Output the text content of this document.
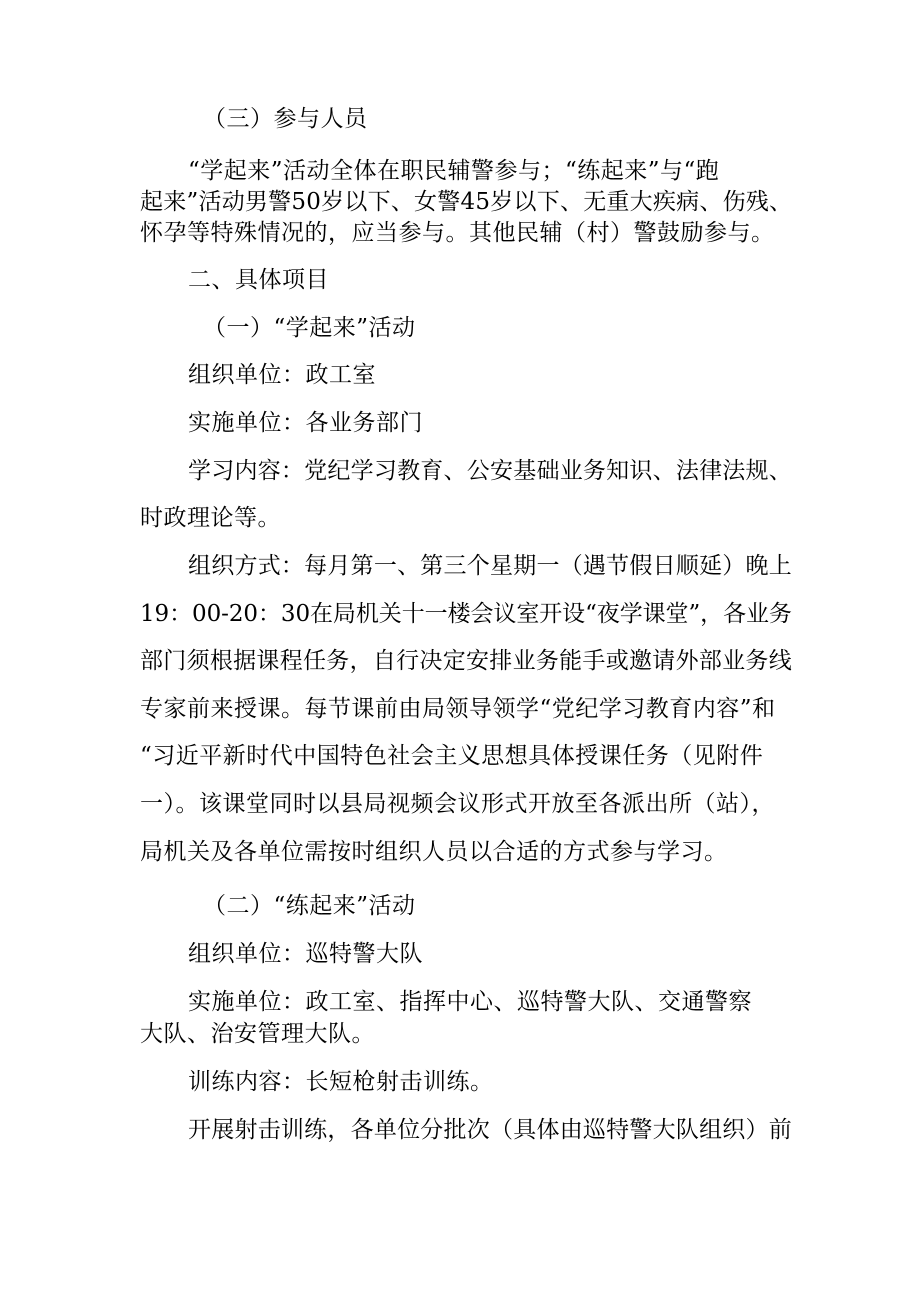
（三）参与人员
“学起来”活动全体在职民辅警参与；“练起来”与“跑
起来”活动男警50岁以下、女警45岁以下、无重大疾病、伤残、
怀孕等特殊情况的，应当参与。其他民辅（村）警鼓励参与。
二、具体项目
（一）“学起来”活动
组织单位：政工室
实施单位：各业务部门
学习内容：党纪学习教育、公安基础业务知识、法律法规、
时政理论等。
组织方式：每月第一、第三个星期一（遇节假日顺延）晚上
19：00-20：30在局机关十一楼会议室开设“夜学课堂”，各业务
部门须根据课程任务，自行决定安排业务能手或邀请外部业务线
专家前来授课。每节课前由局领导领学“党纪学习教育内容”和
“习近平新时代中国特色社会主义思想具体授课任务（见附件
一）。该课堂同时以县局视频会议形式开放至各派出所（站），
局机关及各单位需按时组织人员以合适的方式参与学习。
（二）“练起来”活动
组织单位：巡特警大队
实施单位：政工室、指挥中心、巡特警大队、交通警察
大队、治安管理大队。
训练内容：长短枪射击训练。
开展射击训练，各单位分批次（具体由巡特警大队组织）前
